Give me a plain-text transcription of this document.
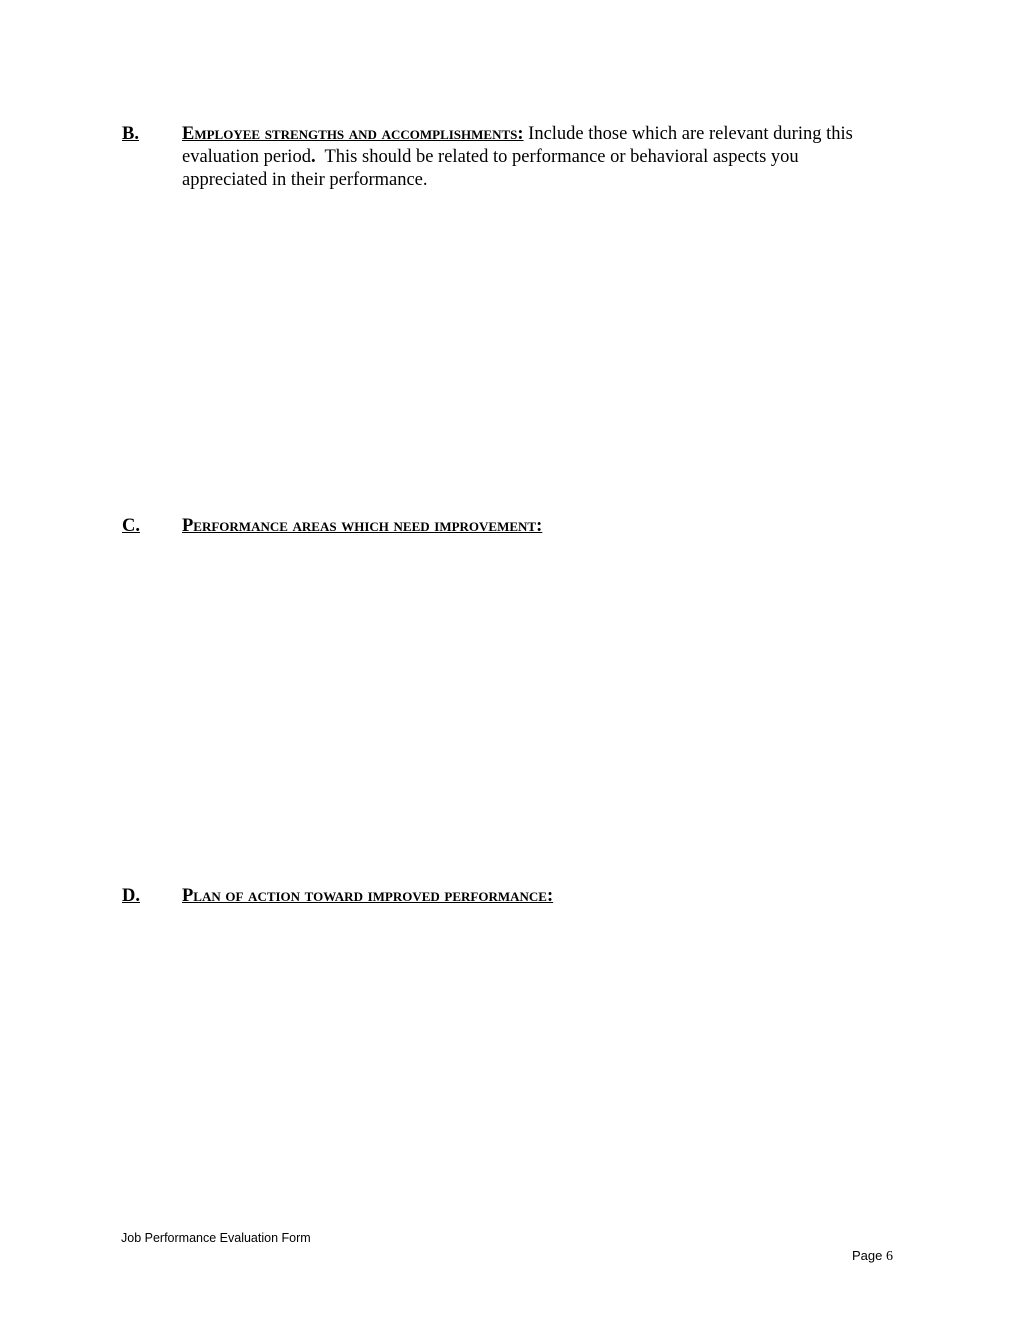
B.	Employee strengths and accomplishments: Include those which are relevant during this evaluation period.  This should be related to performance or behavioral aspects you appreciated in their performance.
C.	Performance areas which need improvement:
D.	Plan of action toward improved performance:
Job Performance Evaluation Form
Page 6
